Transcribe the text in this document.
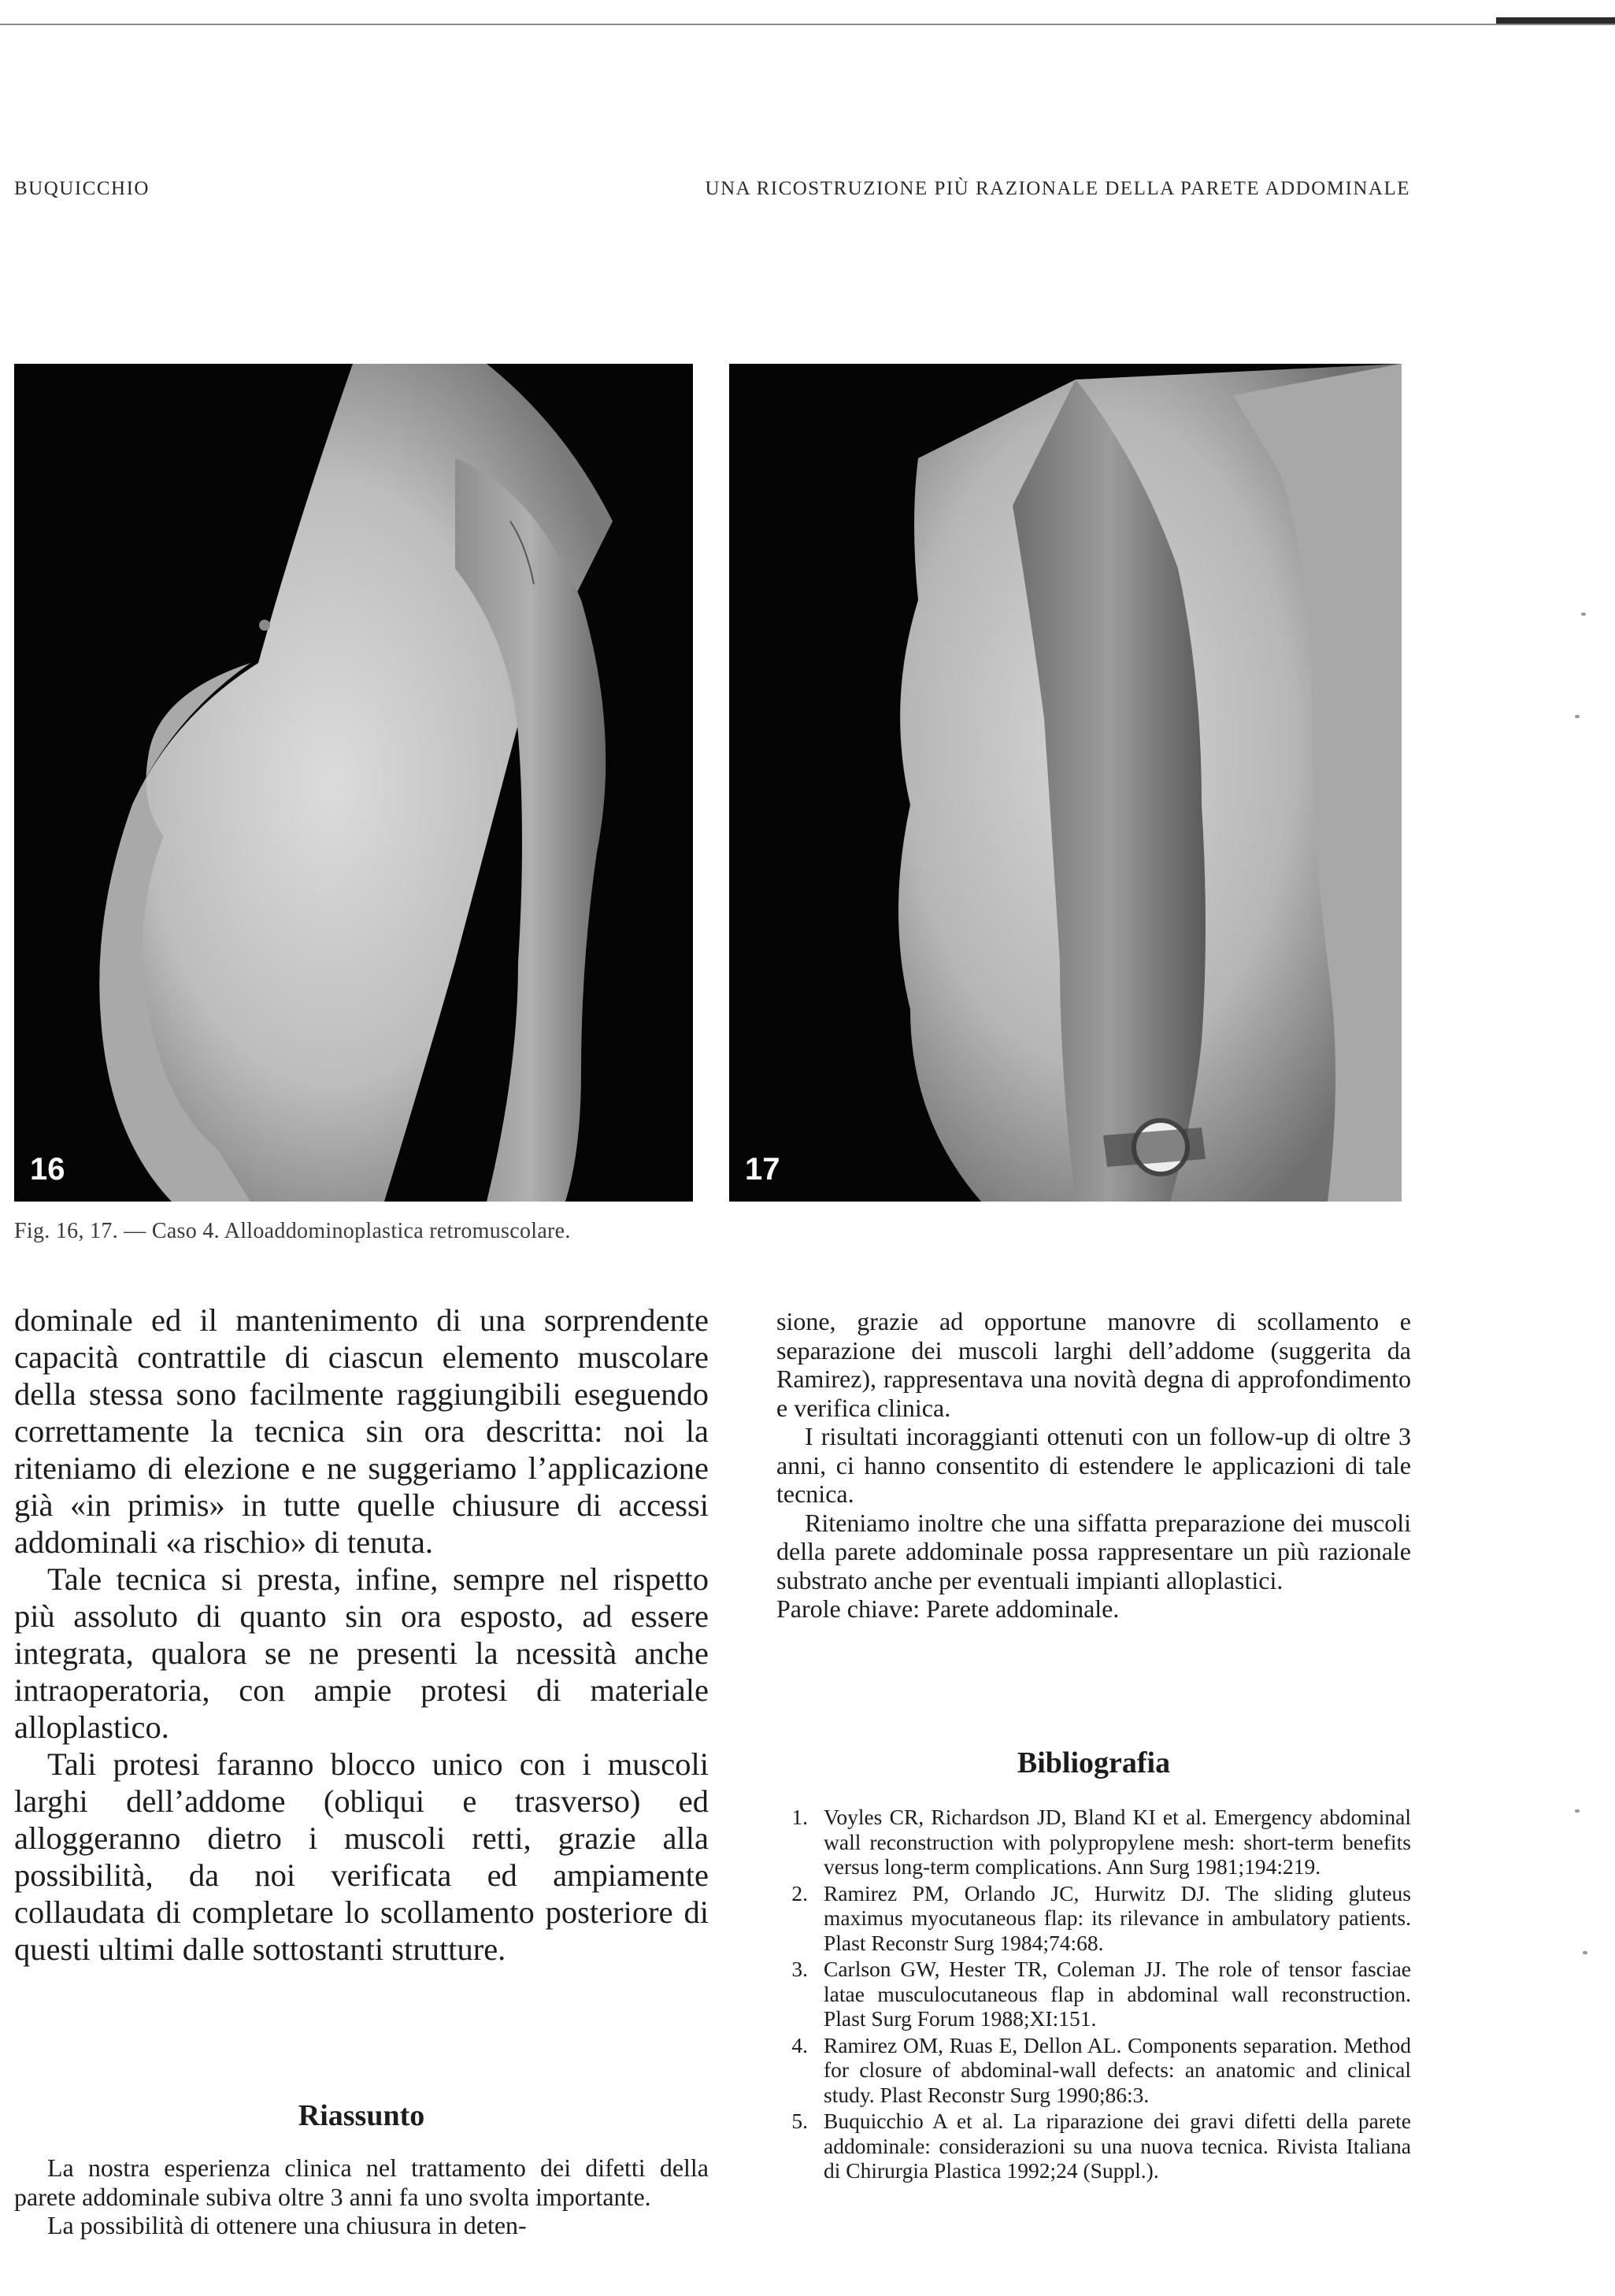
BUQUICCHIO	UNA RICOSTRUZIONE PIÙ RAZIONALE DELLA PARETE ADDOMINALE
16	17
Fig. 16, 17. — Caso 4. Alloaddominoplastica retromuscolare.

dominale ed il mantenimento di una sorprendente capacità contrattile di ciascun elemento muscolare della stessa sono facilmente raggiungibili eseguendo correttamente la tecnica sin ora descritta: noi la riteniamo di elezione e ne suggeriamo l’applicazione già «in primis» in tutte quelle chiusure di accessi addominali «a rischio» di tenuta.

Tale tecnica si presta, infine, sempre nel rispetto più assoluto di quanto sin ora esposto, ad essere integrata, qualora se ne presenti la ncessità anche intraoperatoria, con ampie protesi di materiale alloplastico.

Tali protesi faranno blocco unico con i muscoli larghi dell’addome (obliqui e trasverso) ed alloggeranno dietro i muscoli retti, grazie alla possibilità, da noi verificata ed ampiamente collaudata di completare lo scollamento posteriore di questi ultimi dalle sottostanti strutture.

Riassunto

La nostra esperienza clinica nel trattamento dei difetti della parete addominale subiva oltre 3 anni fa uno svolta importante.

La possibilità di ottenere una chiusura in deten-

sione, grazie ad opportune manovre di scollamento e separazione dei muscoli larghi dell’addome (suggerita da Ramirez), rappresentava una novità degna di approfondimento e verifica clinica.

I risultati incoraggianti ottenuti con un follow-up di oltre 3 anni, ci hanno consentito di estendere le applicazioni di tale tecnica.

Riteniamo inoltre che una siffatta preparazione dei muscoli della parete addominale possa rappresentare un più razionale substrato anche per eventuali impianti alloplastici.

Parole chiave: Parete addominale.

Bibliografia
1. Voyles CR, Richardson JD, Bland KI et al. Emergency abdominal wall reconstruction with polypropylene mesh: short-term benefits versus long-term complications. Ann Surg 1981;194:219.
2. Ramirez PM, Orlando JC, Hurwitz DJ. The sliding gluteus maximus myocutaneous flap: its rilevance in ambulatory patients. Plast Reconstr Surg 1984;74:68.
3. Carlson GW, Hester TR, Coleman JJ. The role of tensor fasciae latae musculocutaneous flap in abdominal wall reconstruction. Plast Surg Forum 1988;XI:151.
4. Ramirez OM, Ruas E, Dellon AL. Components separation. Method for closure of abdominal-wall defects: an anatomic and clinical study. Plast Reconstr Surg 1990;86:3.
5. Buquicchio A et al. La riparazione dei gravi difetti della parete addominale: considerazioni su una nuova tecnica. Rivista Italiana di Chirurgia Plastica 1992;24 (Suppl.).
